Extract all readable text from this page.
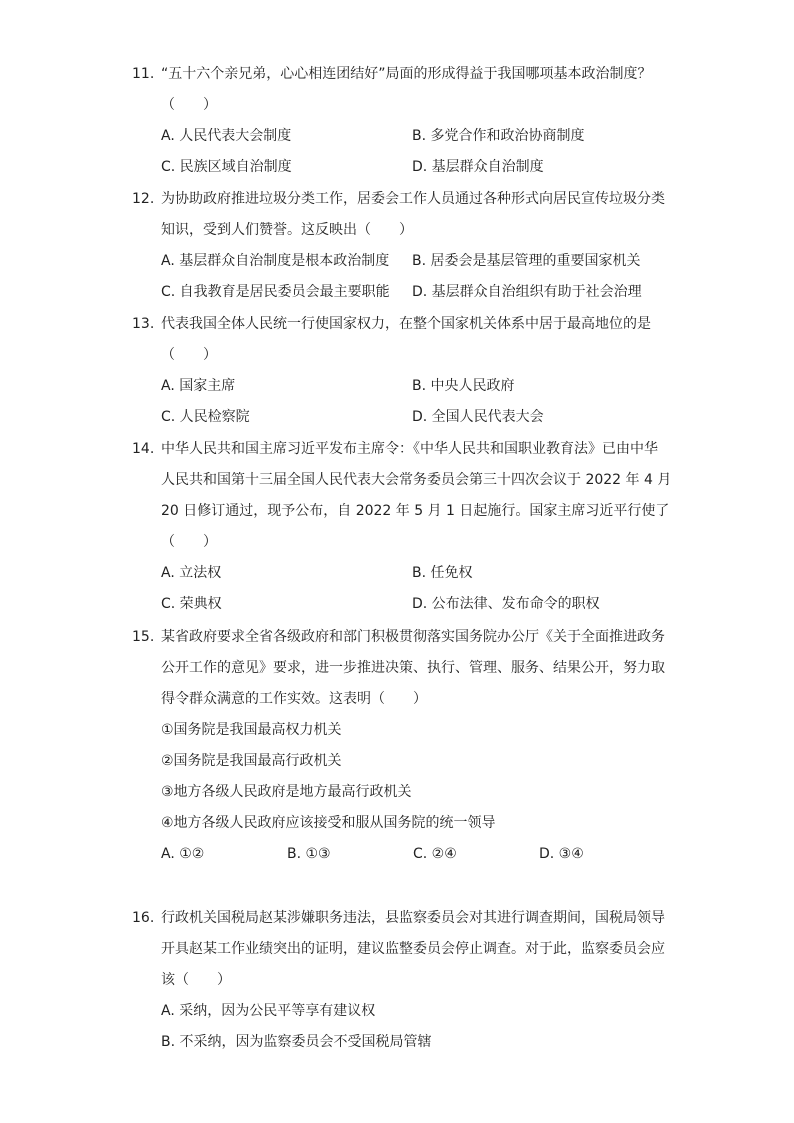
11. “五十六个亲兄弟，心心相连团结好”局面的形成得益于我国哪项基本政治制度？
（　　）
A. 人民代表大会制度	B. 多党合作和政治协商制度
C. 民族区域自治制度	D. 基层群众自治制度
12. 为协助政府推进垃圾分类工作，居委会工作人员通过各种形式向居民宣传垃圾分类
知识，受到人们赞誉。这反映出（　　）
A. 基层群众自治制度是根本政治制度	B. 居委会是基层管理的重要国家机关
C. 自我教育是居民委员会最主要职能	D. 基层群众自治组织有助于社会治理
13. 代表我国全体人民统一行使国家权力，在整个国家机关体系中居于最高地位的是
（　　）
A. 国家主席	B. 中央人民政府
C. 人民检察院	D. 全国人民代表大会
14. 中华人民共和国主席习近平发布主席令：《中华人民共和国职业教育法》已由中华
人民共和国第十三届全国人民代表大会常务委员会第三十四次会议于 2022 年 4 月
20 日修订通过，现予公布，自 2022 年 5 月 1 日起施行。国家主席习近平行使了
（　　）
A. 立法权	B. 任免权
C. 荣典权	D. 公布法律、发布命令的职权
15. 某省政府要求全省各级政府和部门积极贯彻落实国务院办公厅《关于全面推进政务
公开工作的意见》要求，进一步推进决策、执行、管理、服务、结果公开，努力取
得令群众满意的工作实效。这表明（　　）
①国务院是我国最高权力机关
②国务院是我国最高行政机关
③地方各级人民政府是地方最高行政机关
④地方各级人民政府应该接受和服从国务院的统一领导
A. ①②	B. ①③	C. ②④	D. ③④
16. 行政机关国税局赵某涉嫌职务违法，县监察委员会对其进行调查期间，国税局领导
开具赵某工作业绩突出的证明，建议监整委员会停止调查。对于此，监察委员会应
该（　　）
A. 采纳，因为公民平等享有建议权
B. 不采纳，因为监察委员会不受国税局管辖
